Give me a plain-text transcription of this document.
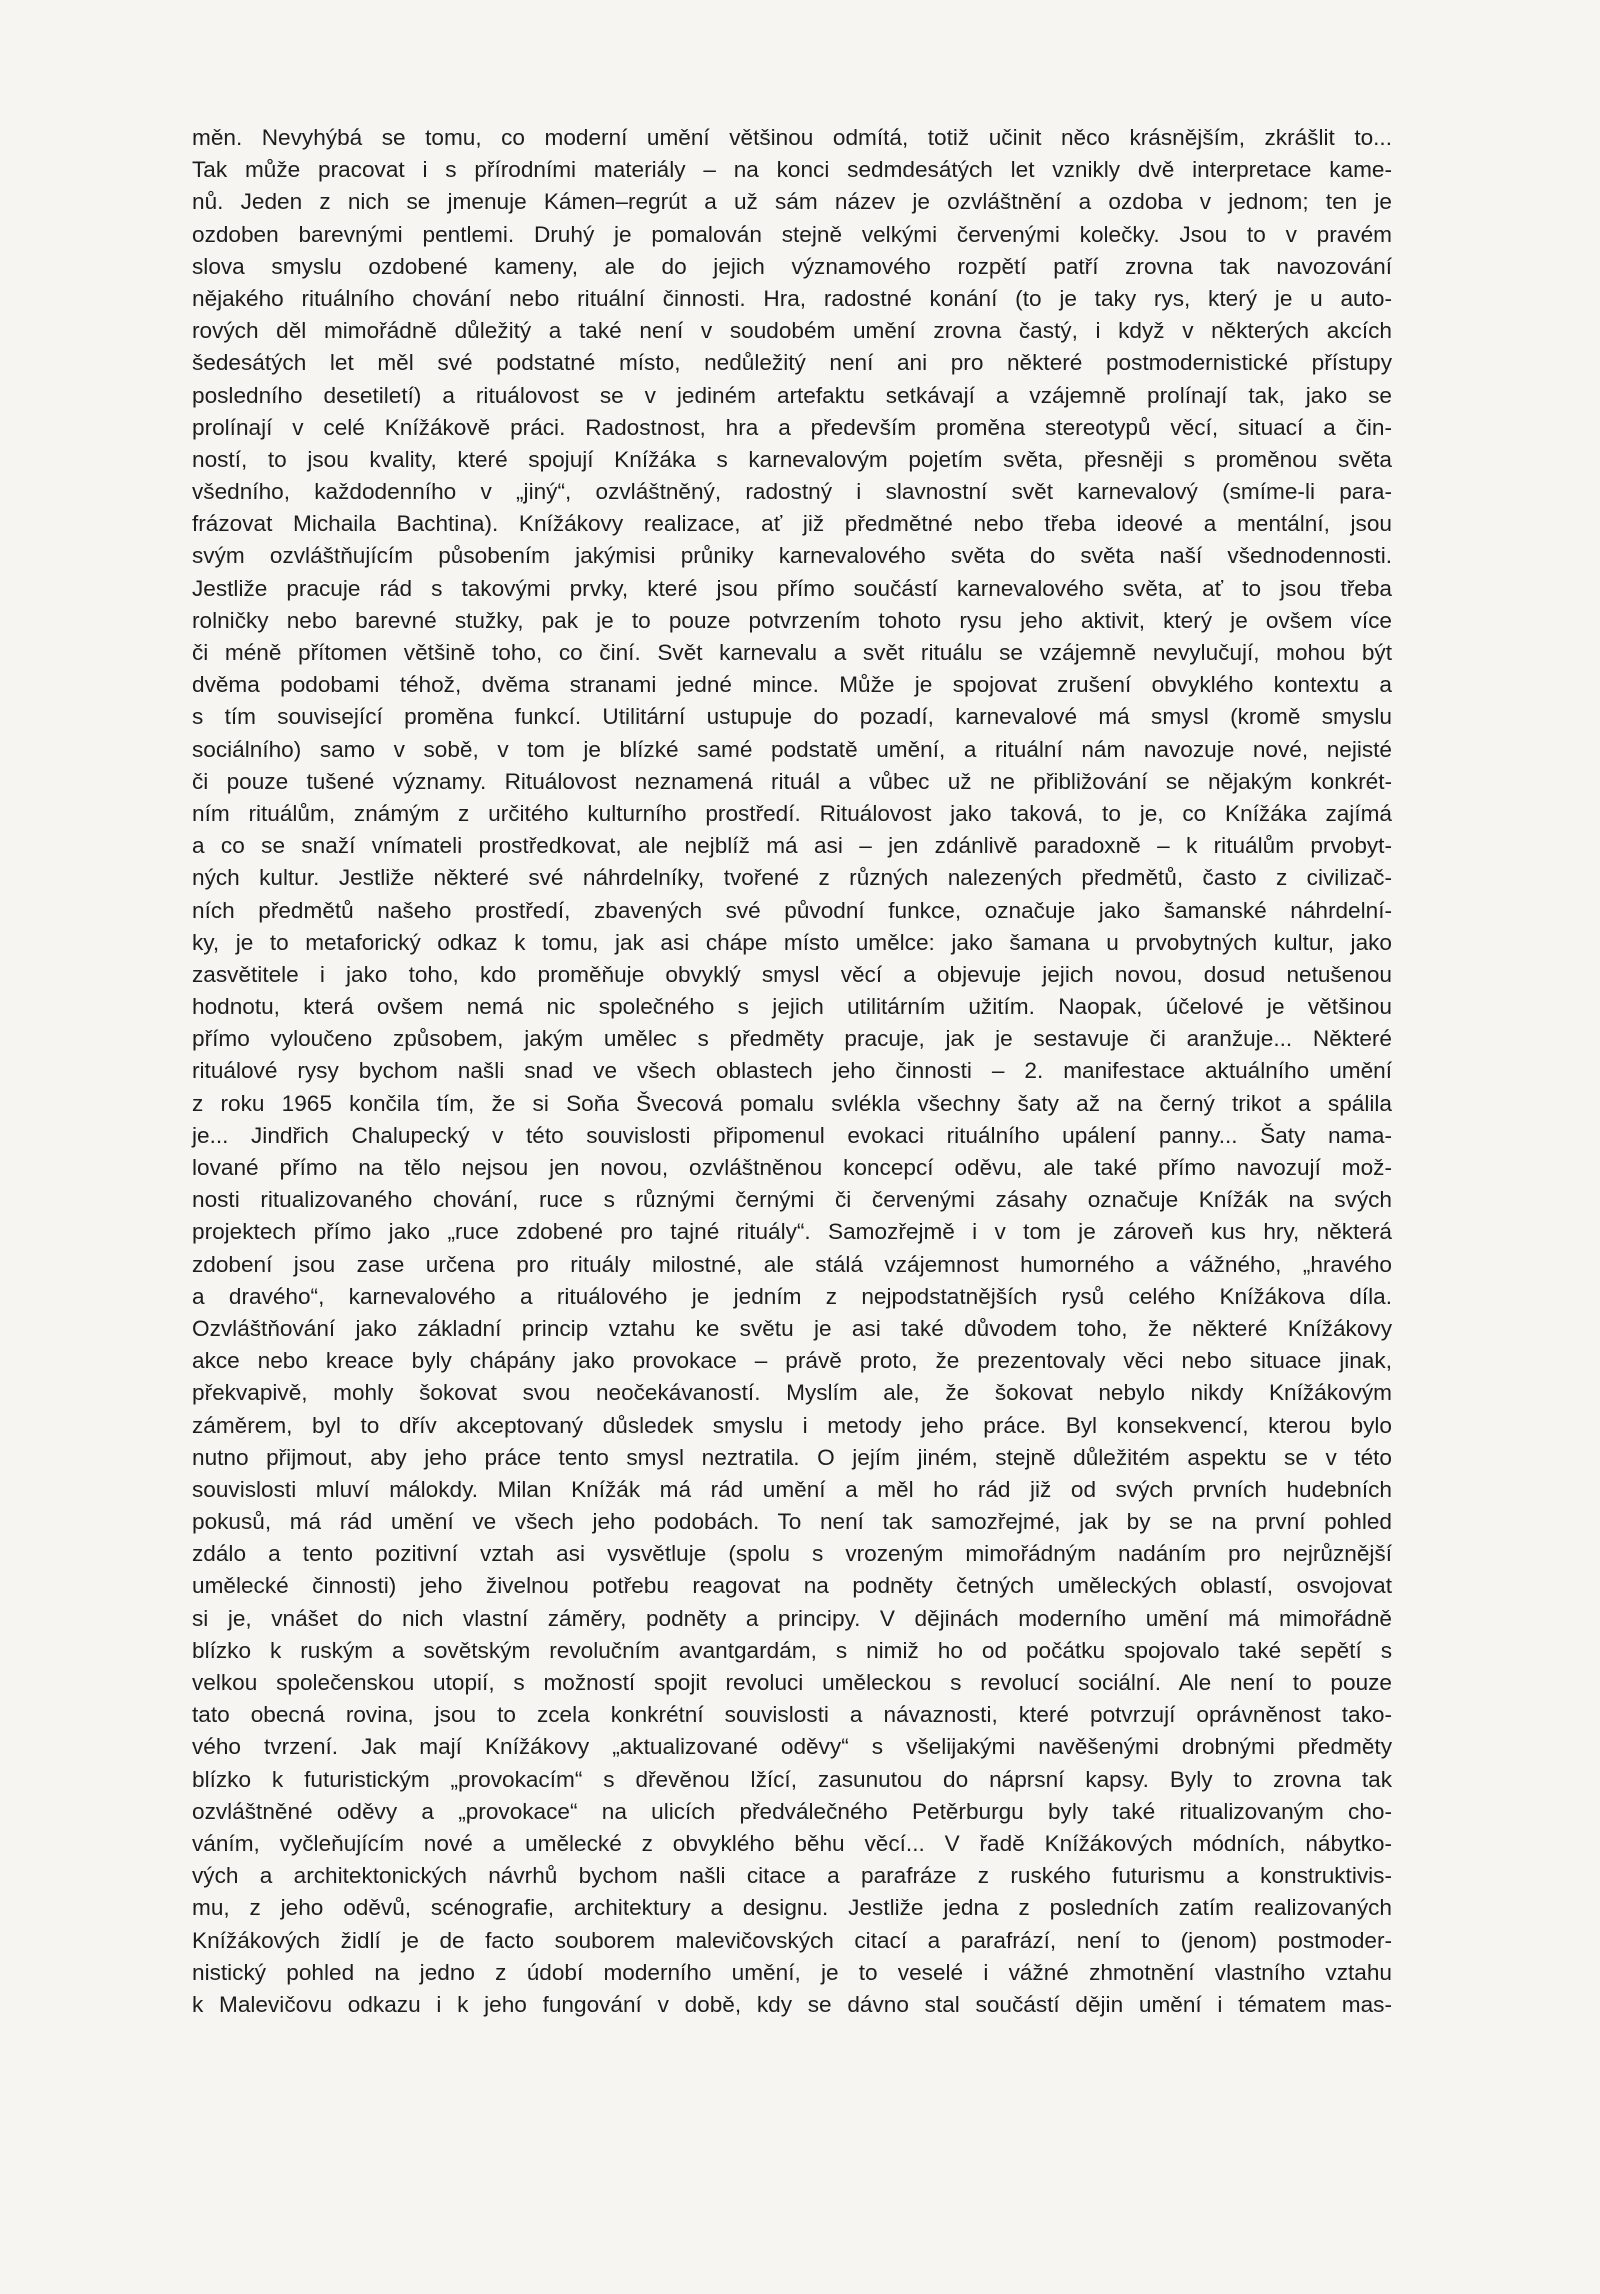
měn. Nevyhýbá se tomu, co moderní umění většinou odmítá, totiž učinit něco krásnějším, zkrášlit to...
Tak může pracovat i s přírodními materiály – na konci sedmdesátých let vznikly dvě interpretace kame-
nů. Jeden z nich se jmenuje Kámen–regrút a už sám název je ozvláštnění a ozdoba v jednom; ten je
ozdoben barevnými pentlemi. Druhý je pomalován stejně velkými červenými kolečky. Jsou to v pravém
slova smyslu ozdobené kameny, ale do jejich významového rozpětí patří zrovna tak navozování
nějakého rituálního chování nebo rituální činnosti. Hra, radostné konání (to je taky rys, který je u auto-
rových děl mimořádně důležitý a také není v soudobém umění zrovna častý, i když v některých akcích
šedesátých let měl své podstatné místo, nedůležitý není ani pro některé postmodernistické přístupy
posledního desetiletí) a rituálovost se v jediném artefaktu setkávají a vzájemně prolínají tak, jako se
prolínají v celé Knížákově práci. Radostnost, hra a především proměna stereotypů věcí, situací a čin-
ností, to jsou kvality, které spojují Knížáka s karnevalovým pojetím světa, přesněji s proměnou světa
všedního, každodenního v „jiný“, ozvláštněný, radostný i slavnostní svět karnevalový (smíme-li para-
frázovat Michaila Bachtina). Knížákovy realizace, ať již předmětné nebo třeba ideové a mentální, jsou
svým ozvláštňujícím působením jakýmisi průniky karnevalového světa do světa naší všednodennosti.
Jestliže pracuje rád s takovými prvky, které jsou přímo součástí karnevalového světa, ať to jsou třeba
rolničky nebo barevné stužky, pak je to pouze potvrzením tohoto rysu jeho aktivit, který je ovšem více
či méně přítomen většině toho, co činí. Svět karnevalu a svět rituálu se vzájemně nevylučují, mohou být
dvěma podobami téhož, dvěma stranami jedné mince. Může je spojovat zrušení obvyklého kontextu a
s tím související proměna funkcí. Utilitární ustupuje do pozadí, karnevalové má smysl (kromě smyslu
sociálního) samo v sobě, v tom je blízké samé podstatě umění, a rituální nám navozuje nové, nejisté
či pouze tušené významy. Rituálovost neznamená rituál a vůbec už ne přibližování se nějakým konkrét-
ním rituálům, známým z určitého kulturního prostředí. Rituálovost jako taková, to je, co Knížáka zajímá
a co se snaží vnímateli prostředkovat, ale nejblíž má asi – jen zdánlivě paradoxně – k rituálům prvobyt-
ných kultur. Jestliže některé své náhrdelníky, tvořené z různých nalezených předmětů, často z civilizač-
ních předmětů našeho prostředí, zbavených své původní funkce, označuje jako šamanské náhrdelní-
ky, je to metaforický odkaz k tomu, jak asi chápe místo umělce: jako šamana u prvobytných kultur, jako
zasvětitele i jako toho, kdo proměňuje obvyklý smysl věcí a objevuje jejich novou, dosud netušenou
hodnotu, která ovšem nemá nic společného s jejich utilitárním užitím. Naopak, účelové je většinou
přímo vyloučeno způsobem, jakým umělec s předměty pracuje, jak je sestavuje či aranžuje... Některé
rituálové rysy bychom našli snad ve všech oblastech jeho činnosti – 2. manifestace aktuálního umění
z roku 1965 končila tím, že si Soňa Švecová pomalu svlékla všechny šaty až na černý trikot a spálila
je... Jindřich Chalupecký v této souvislosti připomenul evokaci rituálního upálení panny... Šaty nama-
lované přímo na tělo nejsou jen novou, ozvláštněnou koncepcí oděvu, ale také přímo navozují mož-
nosti ritualizovaného chování, ruce s různými černými či červenými zásahy označuje Knížák na svých
projektech přímo jako „ruce zdobené pro tajné rituály“. Samozřejmě i v tom je zároveň kus hry, některá
zdobení jsou zase určena pro rituály milostné, ale stálá vzájemnost humorného a vážného, „hravého
a dravého“, karnevalového a rituálového je jedním z nejpodstatnějších rysů celého Knížákova díla.
Ozvláštňování jako základní princip vztahu ke světu je asi také důvodem toho, že některé Knížákovy
akce nebo kreace byly chápány jako provokace – právě proto, že prezentovaly věci nebo situace jinak,
překvapivě, mohly šokovat svou neočekávaností. Myslím ale, že šokovat nebylo nikdy Knížákovým
záměrem, byl to dřív akceptovaný důsledek smyslu i metody jeho práce. Byl konsekvencí, kterou bylo
nutno přijmout, aby jeho práce tento smysl neztratila. O jejím jiném, stejně důležitém aspektu se v této
souvislosti mluví málokdy. Milan Knížák má rád umění a měl ho rád již od svých prvních hudebních
pokusů, má rád umění ve všech jeho podobách. To není tak samozřejmé, jak by se na první pohled
zdálo a tento pozitivní vztah asi vysvětluje (spolu s vrozeným mimořádným nadáním pro nejrůznější
umělecké činnosti) jeho živelnou potřebu reagovat na podněty četných uměleckých oblastí, osvojovat
si je, vnášet do nich vlastní záměry, podněty a principy. V dějinách moderního umění má mimořádně
blízko k ruským a sovětským revolučním avantgardám, s nimiž ho od počátku spojovalo také sepětí s
velkou společenskou utopií, s možností spojit revoluci uměleckou s revolucí sociální. Ale není to pouze
tato obecná rovina, jsou to zcela konkrétní souvislosti a návaznosti, které potvrzují oprávněnost tako-
vého tvrzení. Jak mají Knížákovy „aktualizované oděvy“ s všelijakými navěšenými drobnými předměty
blízko k futuristickým „provokacím“ s dřevěnou lžící, zasunutou do náprsní kapsy. Byly to zrovna tak
ozvláštněné oděvy a „provokace“ na ulicích předválečného Petěrburgu byly také ritualizovaným cho-
váním, vyčleňujícím nové a umělecké z obvyklého běhu věcí... V řadě Knížákových módních, nábytko-
vých a architektonických návrhů bychom našli citace a parafráze z ruského futurismu a konstruktivis-
mu, z jeho oděvů, scénografie, architektury a designu. Jestliže jedna z posledních zatím realizovaných
Knížákových židlí je de facto souborem malevičovských citací a parafrází, není to (jenom) postmoder-
nistický pohled na jedno z údobí moderního umění, je to veselé i vážné zhmotnění vlastního vztahu
k Malevičovu odkazu i k jeho fungování v době, kdy se dávno stal součástí dějin umění i tématem mas-
